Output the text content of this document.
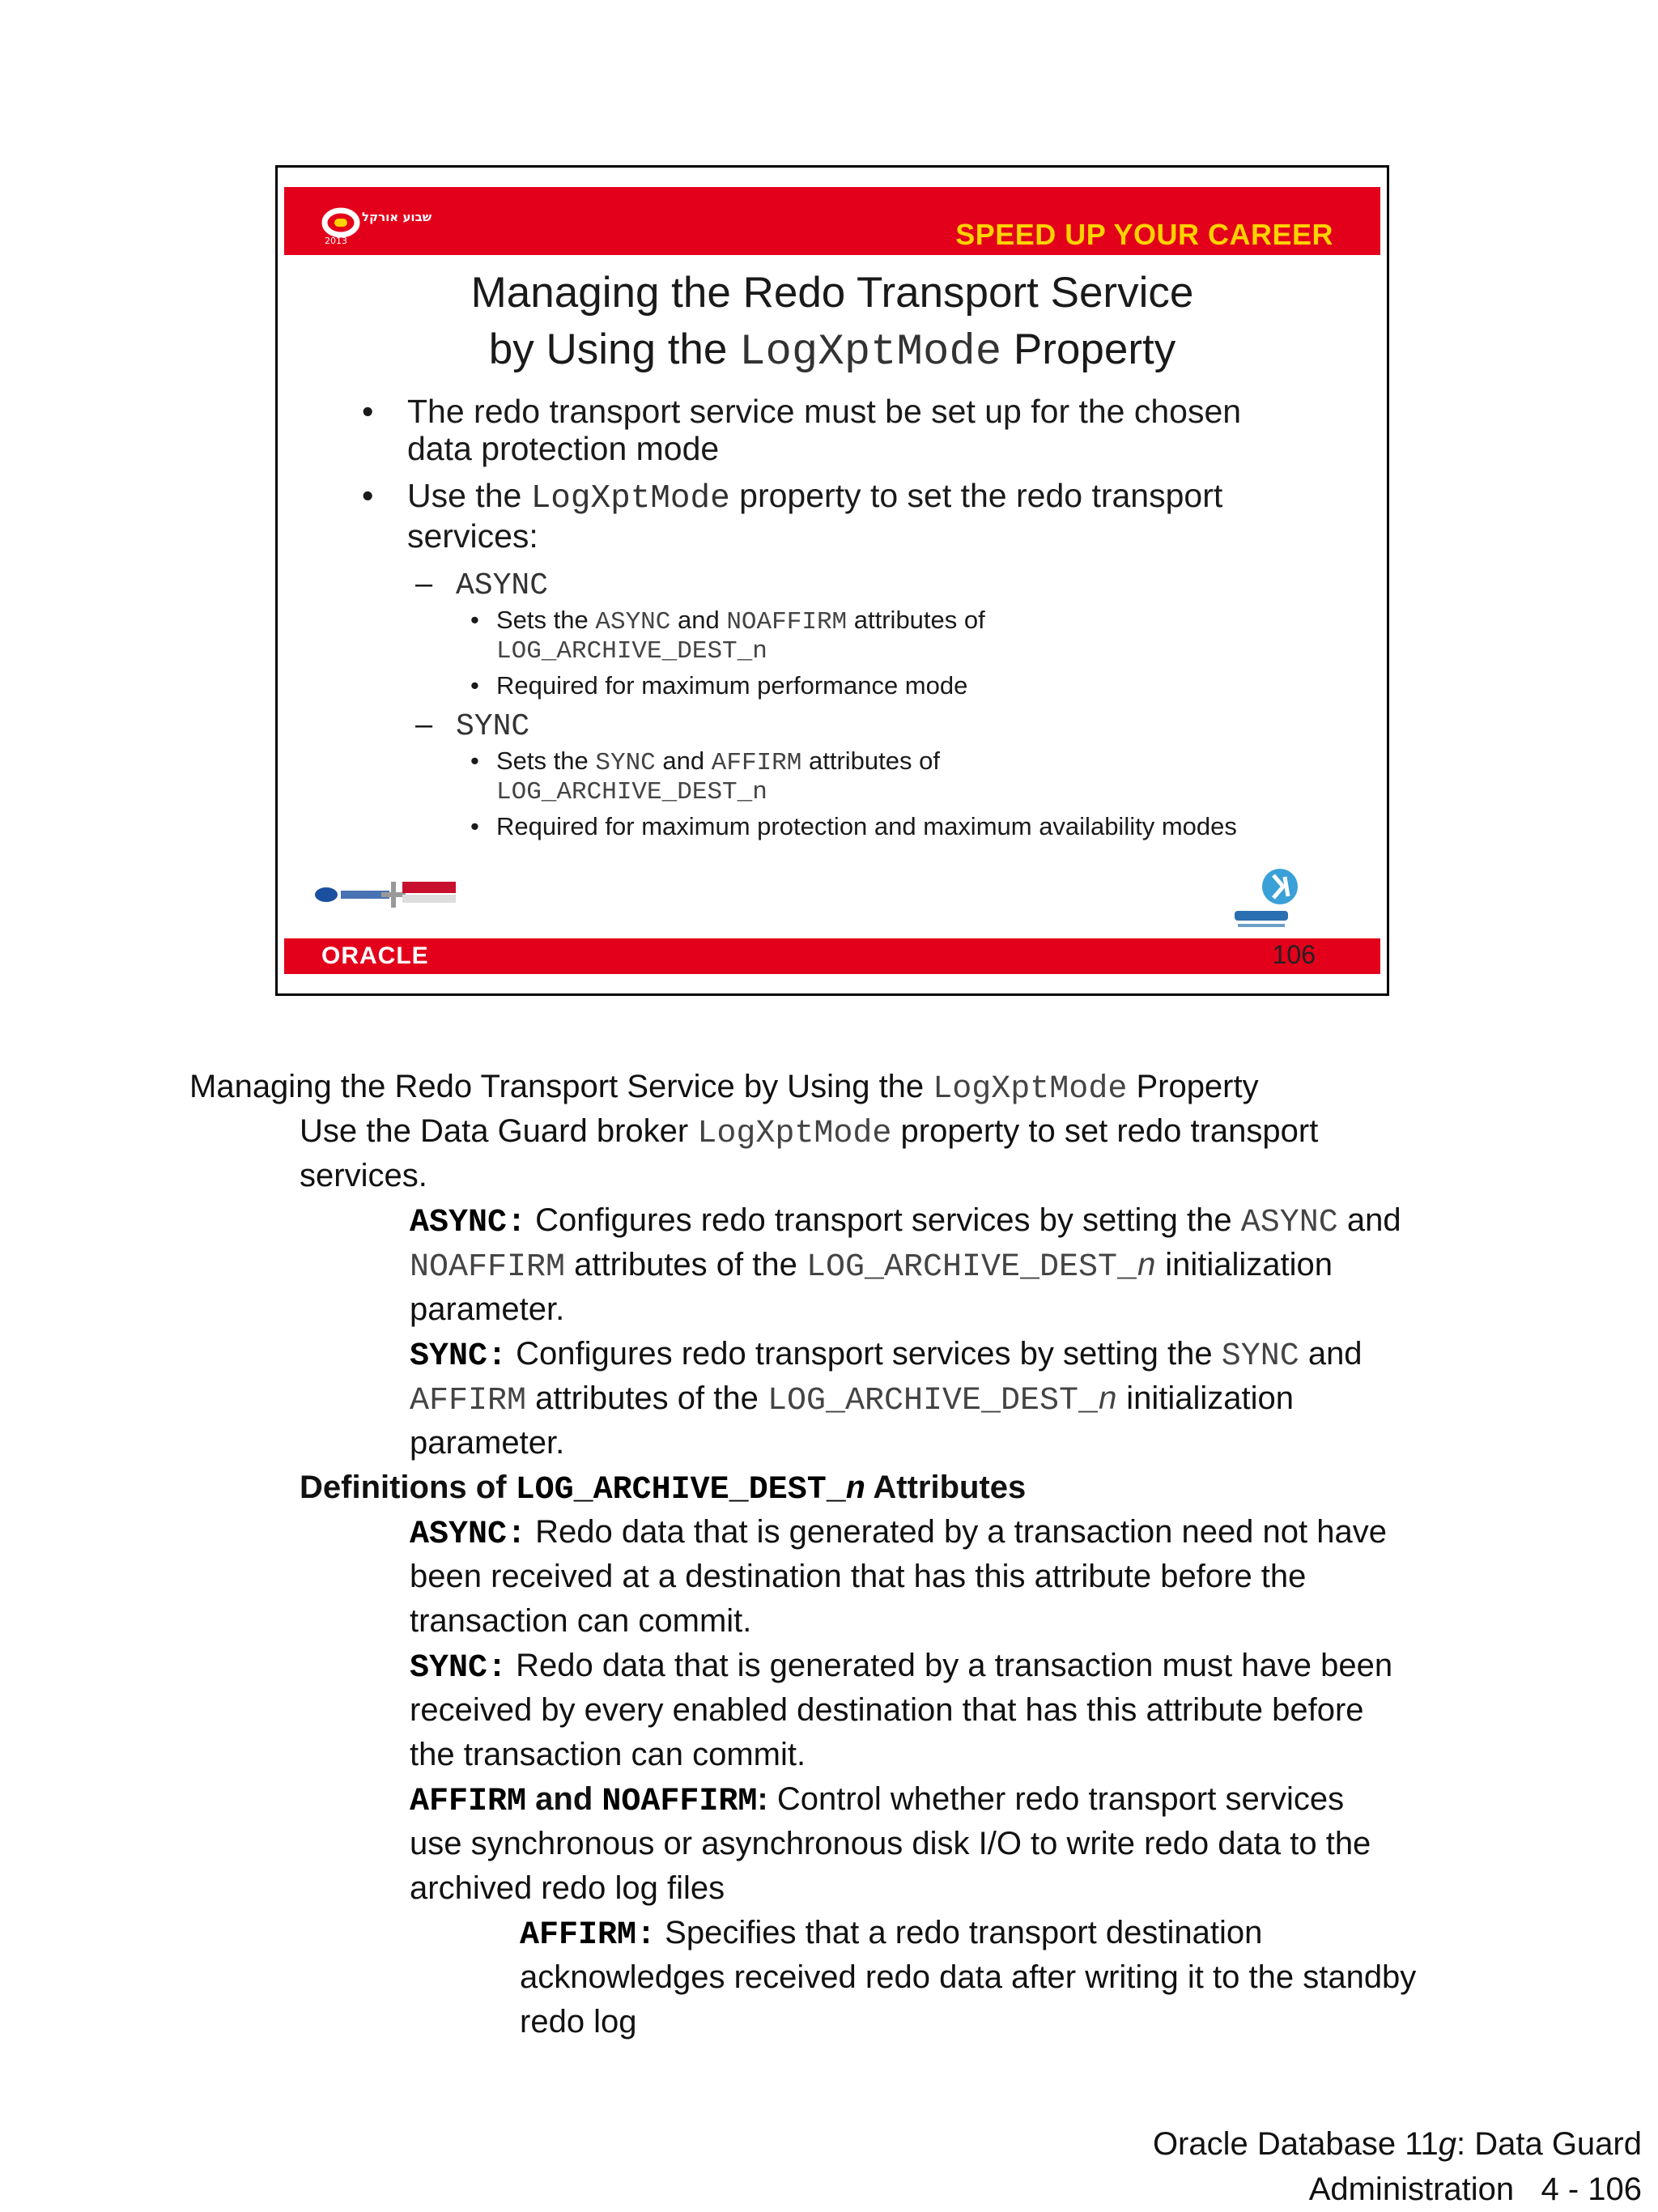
שבוע אורקל
2013	SPEED UP YOUR CAREER
Managing the Redo Transport Service
by Using the LogXptMode Property
• The redo transport service must be set up for the chosen
data protection mode
• Use the LogXptMode property to set the redo transport
services:
– ASYNC
• Sets the ASYNC and NOAFFIRM attributes of
LOG_ARCHIVE_DEST_n
• Required for maximum performance mode
– SYNC
• Sets the SYNC and AFFIRM attributes of
LOG_ARCHIVE_DEST_n
• Required for maximum protection and maximum availability modes
ORACLE	106
Managing the Redo Transport Service by Using the LogXptMode Property
Use the Data Guard broker LogXptMode property to set redo transport
services.
ASYNC: Configures redo transport services by setting the ASYNC and
NOAFFIRM attributes of the LOG_ARCHIVE_DEST_n initialization
parameter.
SYNC: Configures redo transport services by setting the SYNC and
AFFIRM attributes of the LOG_ARCHIVE_DEST_n initialization
parameter.
Definitions of LOG_ARCHIVE_DEST_n Attributes
ASYNC: Redo data that is generated by a transaction need not have
been received at a destination that has this attribute before the
transaction can commit.
SYNC: Redo data that is generated by a transaction must have been
received by every enabled destination that has this attribute before
the transaction can commit.
AFFIRM and NOAFFIRM: Control whether redo transport services
use synchronous or asynchronous disk I/O to write redo data to the
archived redo log files
AFFIRM: Specifies that a redo transport destination
acknowledges received redo data after writing it to the standby
redo log
Oracle Database 11g: Data Guard
Administration   4 - 106
